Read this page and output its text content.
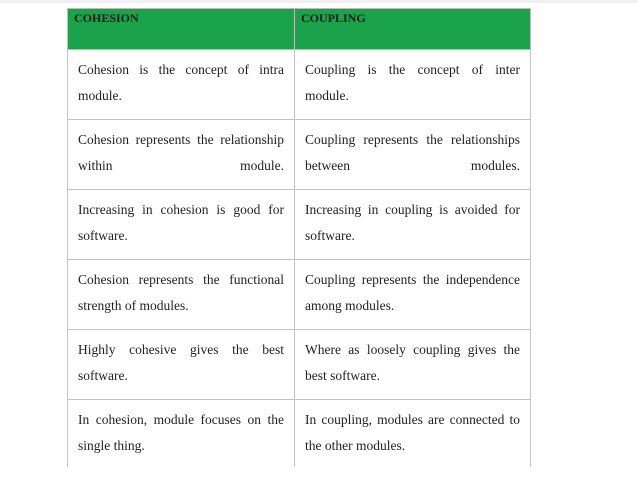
COHESION	COUPLING
Cohesion is the concept of intra module.	Coupling is the concept of inter module.
Cohesion represents the relationship within module.	Coupling represents the relationships between modules.
Increasing in cohesion is good for software.	Increasing in coupling is avoided for software.
Cohesion represents the functional strength of modules.	Coupling represents the independence among modules.
Highly cohesive gives the best software.	Where as loosely coupling gives the best software.
In cohesion, module focuses on the single thing.	In coupling, modules are connected to the other modules.
